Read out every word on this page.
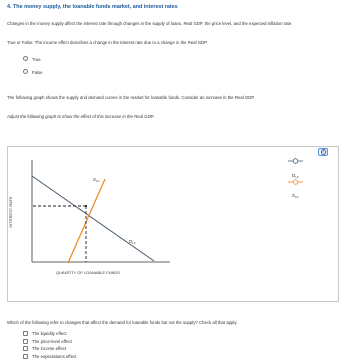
4. The money supply, the loanable funds market, and interest rates
Changes in the money supply affect the interest rate through changes in the supply of loans, Real GDP, the price level, and the expected inflation rate.
True or False: The income effect describes a change in the interest rate due to a change in the Real GDP.
True
False
The following graph shows the supply and demand curves in the market for loanable funds. Consider an increase in the Real GDP.
Adjust the following graph to show the effect of this increase in the Real GDP.
?
$S_{LF}$
$D_{LF}$
INTEREST RATE
QUANTITY OF LOANABLE FUNDS
$D_{LF}$
$S_{LF}$
Which of the following refer to changes that affect the demand for loanable funds but not the supply? Check all that apply.
The liquidity effect
The price-level effect
The income effect
The expectations effect
